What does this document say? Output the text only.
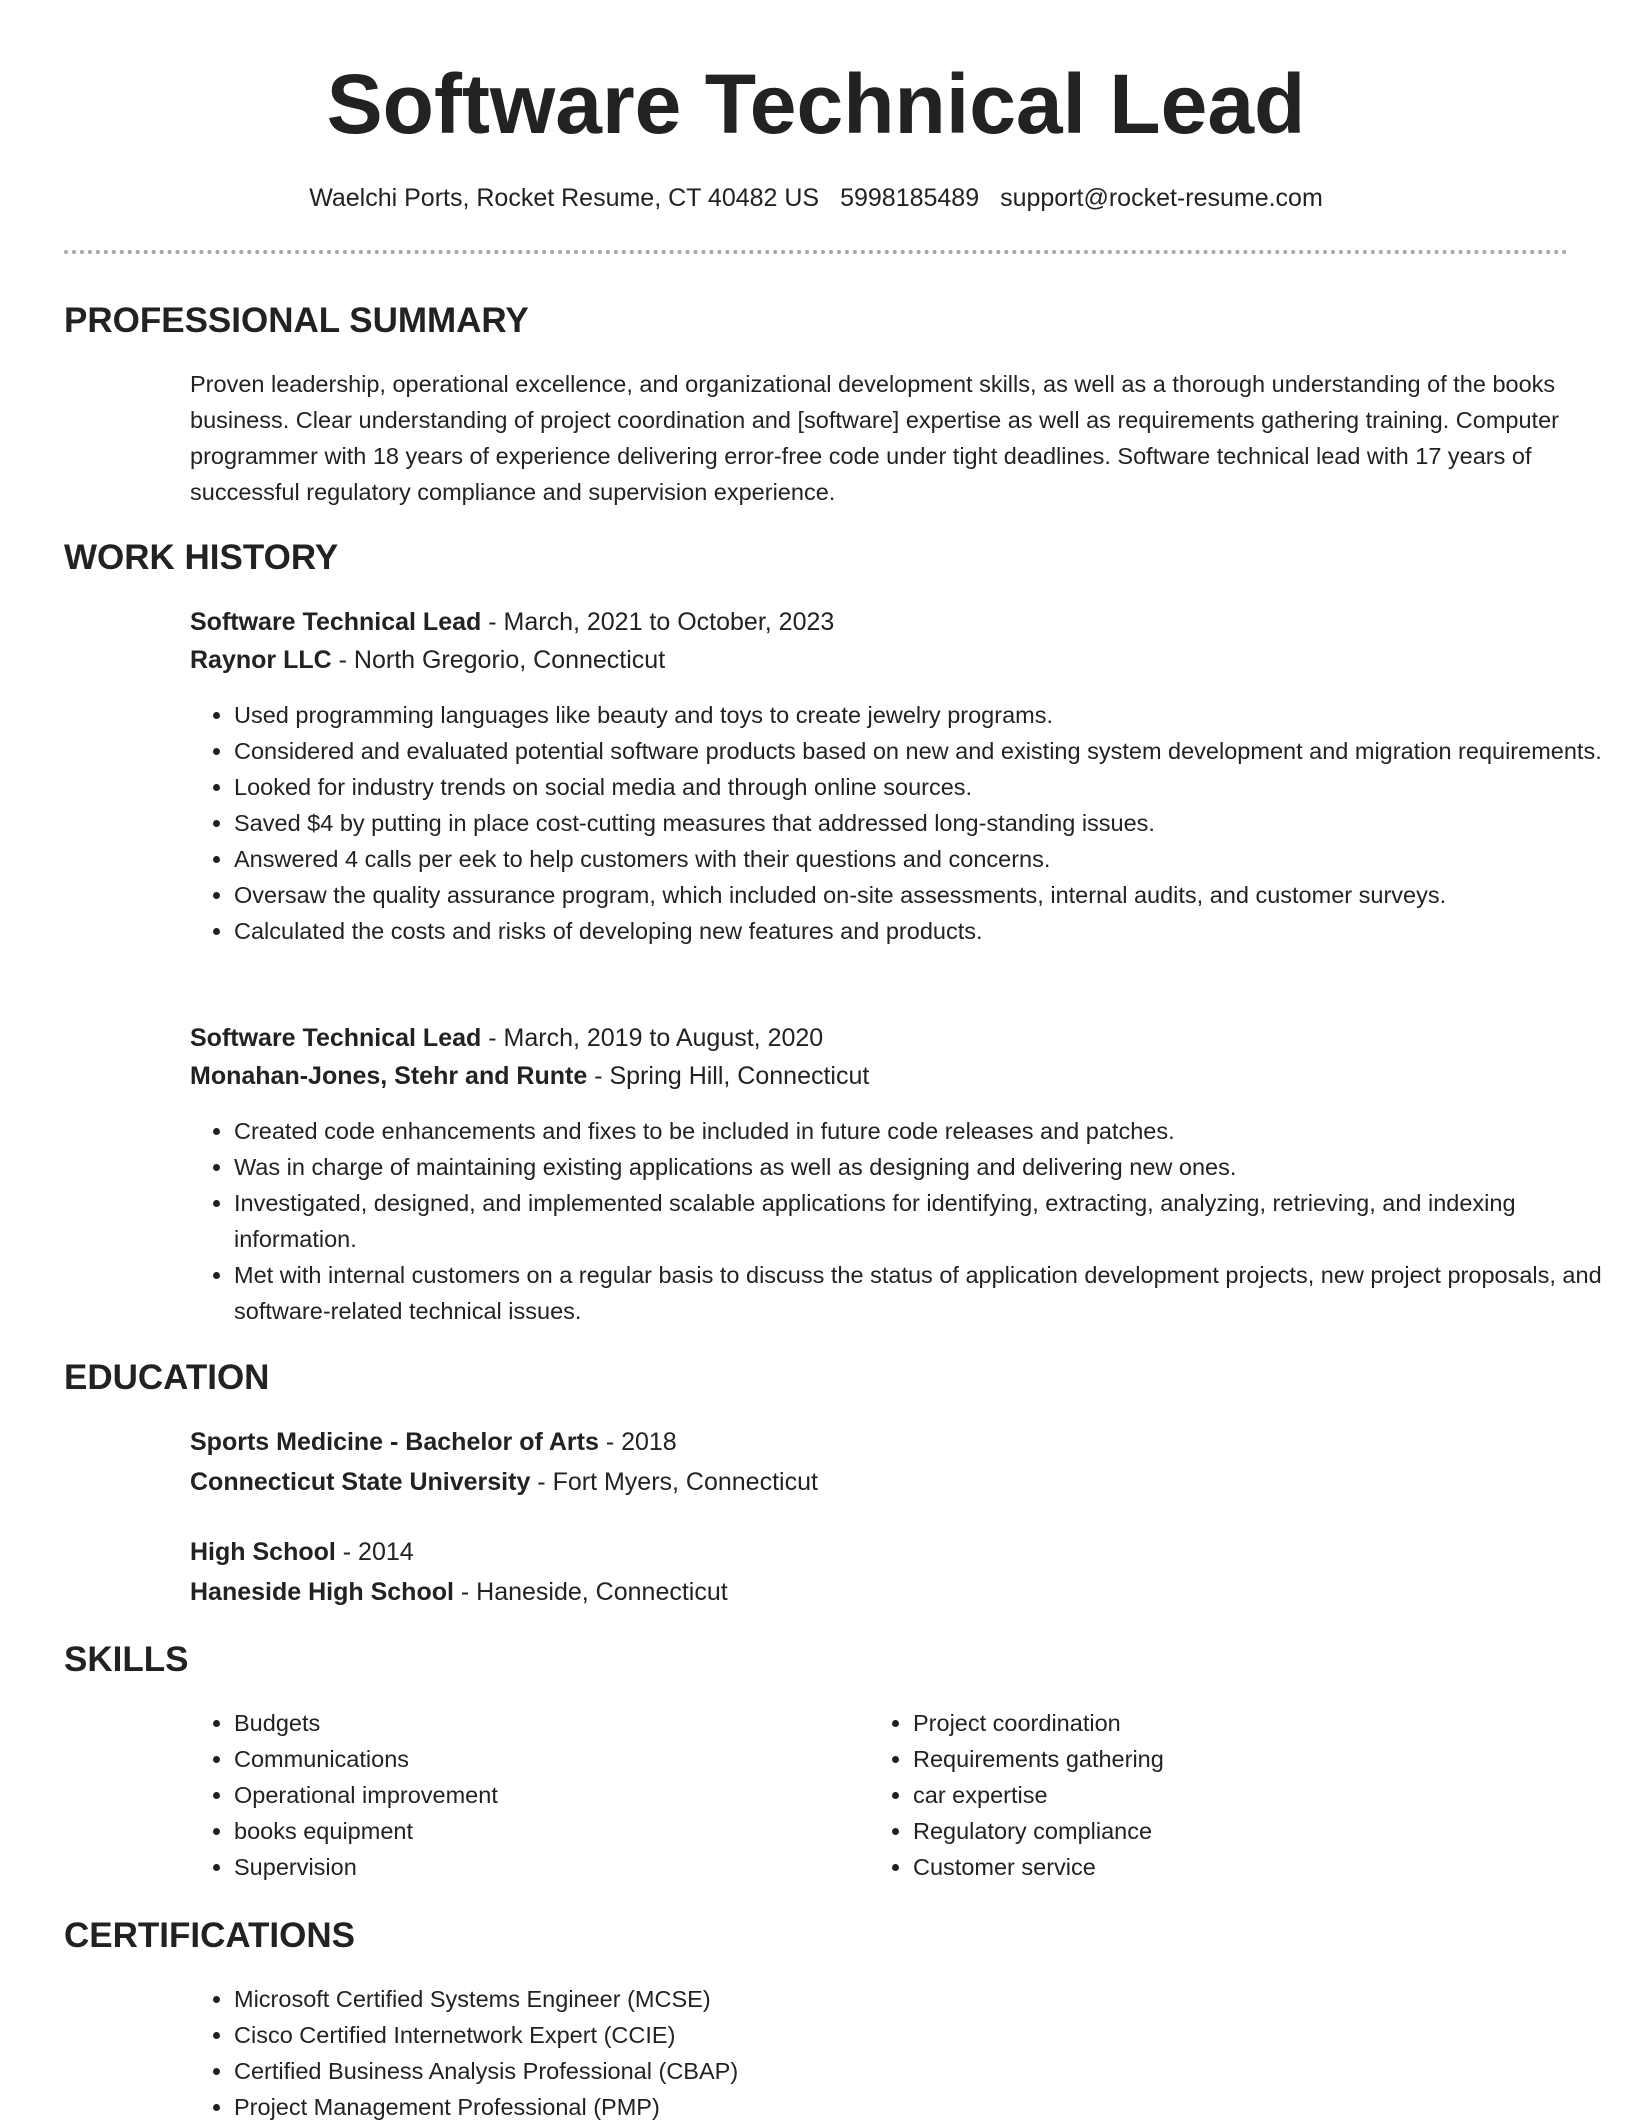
Software Technical Lead
Waelchi Ports, Rocket Resume, CT 40482 US 5998185489 support@rocket-resume.com
PROFESSIONAL SUMMARY

Proven leadership, operational excellence, and organizational development skills, as well as a thorough understanding of the books business. Clear understanding of project coordination and [software] expertise as well as requirements gathering training. Computer programmer with 18 years of experience delivering error-free code under tight deadlines. Software technical lead with 17 years of successful regulatory compliance and supervision experience.

WORK HISTORY
Software Technical Lead - March, 2021 to October, 2023
Raynor LLC - North Gregorio, Connecticut
• Used programming languages like beauty and toys to create jewelry programs.
• Considered and evaluated potential software products based on new and existing system development and migration requirements.
• Looked for industry trends on social media and through online sources.
• Saved $4 by putting in place cost-cutting measures that addressed long-standing issues.
• Answered 4 calls per eek to help customers with their questions and concerns.
• Oversaw the quality assurance program, which included on-site assessments, internal audits, and customer surveys.
• Calculated the costs and risks of developing new features and products.
Software Technical Lead - March, 2019 to August, 2020
Monahan-Jones, Stehr and Runte - Spring Hill, Connecticut
• Created code enhancements and fixes to be included in future code releases and patches.
• Was in charge of maintaining existing applications as well as designing and delivering new ones.
• Investigated, designed, and implemented scalable applications for identifying, extracting, analyzing, retrieving, and indexing information.
• Met with internal customers on a regular basis to discuss the status of application development projects, new project proposals, and software-related technical issues.
EDUCATION
Sports Medicine - Bachelor of Arts - 2018
Connecticut State University - Fort Myers, Connecticut
High School - 2014
Haneside High School - Haneside, Connecticut
SKILLS
• Budgets
• Communications
• Operational improvement
• books equipment
• Supervision
• Project coordination
• Requirements gathering
• car expertise
• Regulatory compliance
• Customer service
CERTIFICATIONS
• Microsoft Certified Systems Engineer (MCSE)
• Cisco Certified Internetwork Expert (CCIE)
• Certified Business Analysis Professional (CBAP)
• Project Management Professional (PMP)
